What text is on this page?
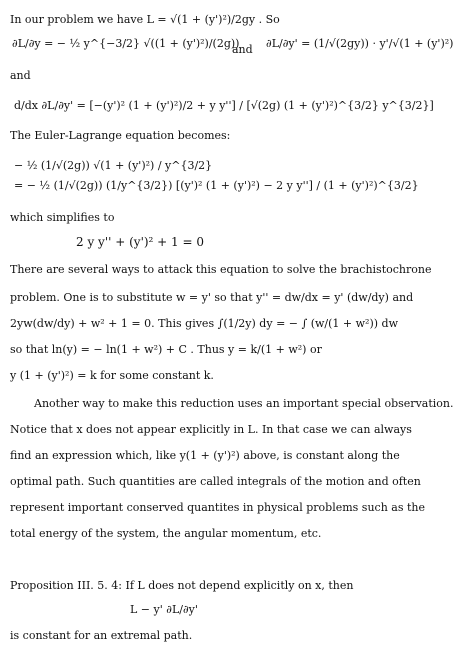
In our problem we have L = √(1 + (y')²)/2gy . So
∂L/∂y = − ½ y^{−3/2} √((1 + (y')²)/(2g))
and ∂L/∂y' = (1/√(2gy)) · y'/√(1 + (y')²)
and
d/dx ∂L/∂y' = [−(y')² (1 + (y')²)/2 + y y''] / [√(2g) (1 + (y')²)^{3/2} y^{3/2}]
The Euler-Lagrange equation becomes:
− ½ (1/√(2g)) √(1 + (y')²) / y^{3/2}
= − ½ (1/√(2g)) (1/y^{3/2}) [(y')² (1 + (y')²) − 2 y y''] / (1 + (y')²)^{3/2}
which simplifies to
2 y y'' + (y')² + 1 = 0
There are several ways to attack this equation to solve the brachistochrone
problem. One is to substitute w = y' so that y'' = dw/dx = y' (dw/dy) and
2yw(dw/dy) + w² + 1 = 0. This gives ∫(1/2y) dy = − ∫ (w/(1 + w²)) dw
so that ln(y) = − ln(1 + w²) + C . Thus y = k/(1 + w²) or
y (1 + (y')²) = k for some constant k.
Another way to make this reduction uses an important special observation.
Notice that x does not appear explicitly in L. In that case we can always
find an expression which, like y(1 + (y')²) above, is constant along the
optimal path. Such quantities are called integrals of the motion and often
represent important conserved quantites in physical problems such as the
total energy of the system, the angular momentum, etc.
Proposition III. 5. 4: If L does not depend explicitly on x, then
L − y' ∂L/∂y'
is constant for an extremal path.
